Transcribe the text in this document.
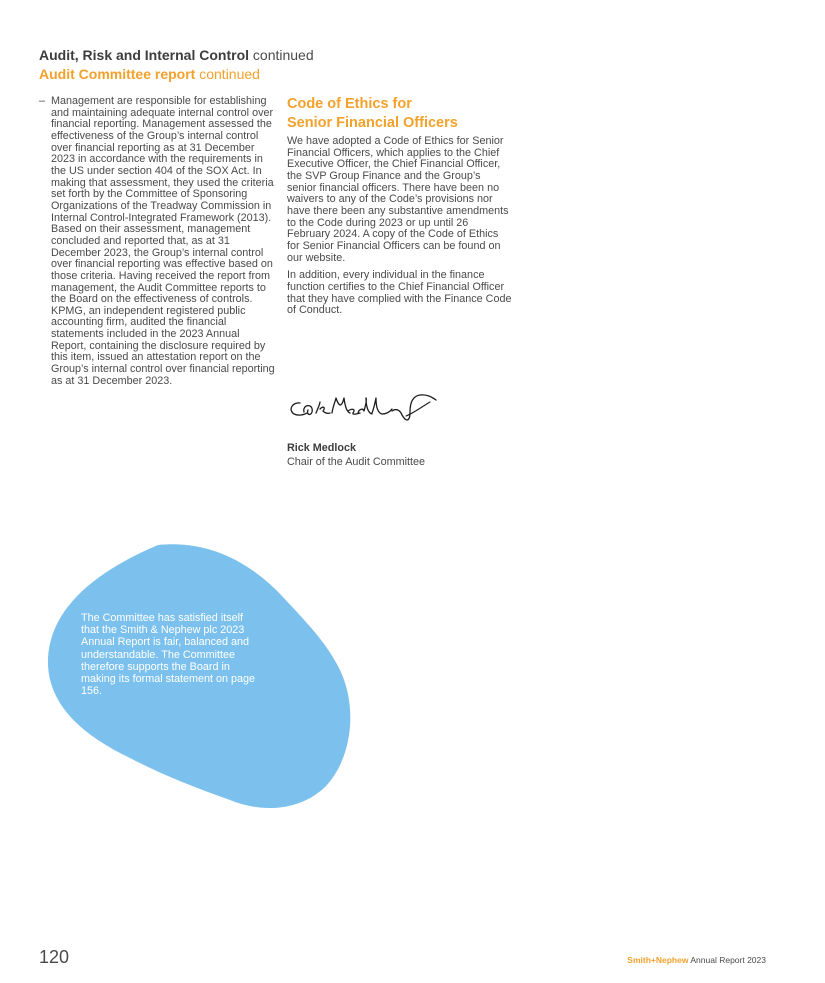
Audit, Risk and Internal Control continued
Audit Committee report continued
– Management are responsible for establishing and maintaining adequate internal control over financial reporting. Management assessed the effectiveness of the Group’s internal control over financial reporting as at 31 December 2023 in accordance with the requirements in the US under section 404 of the SOX Act. In making that assessment, they used the criteria set forth by the Committee of Sponsoring Organizations of the Treadway Commission in Internal Control-Integrated Framework (2013). Based on their assessment, management concluded and reported that, as at 31 December 2023, the Group’s internal control over financial reporting was effective based on those criteria. Having received the report from management, the Audit Committee reports to the Board on the effectiveness of controls. KPMG, an independent registered public accounting firm, audited the financial statements included in the 2023 Annual Report, containing the disclosure required by this item, issued an attestation report on the Group’s internal control over financial reporting as at 31 December 2023.
Code of Ethics for
Senior Financial Officers

We have adopted a Code of Ethics for Senior Financial Officers, which applies to the Chief Executive Officer, the Chief Financial Officer, the SVP Group Finance and the Group’s senior financial officers. There have been no waivers to any of the Code’s provisions nor have there been any substantive amendments to the Code during 2023 or up until 26 February 2024. A copy of the Code of Ethics for Senior Financial Officers can be found on our website.

In addition, every individual in the finance function certifies to the Chief Financial Officer that they have complied with the Finance Code of Conduct.

Rick Medlock
Chair of the Audit Committee
The Committee has satisfied itself that the Smith & Nephew plc 2023 Annual Report is fair, balanced and understandable. The Committee therefore supports the Board in making its formal statement on page 156.
120	Smith+Nephew Annual Report 2023
